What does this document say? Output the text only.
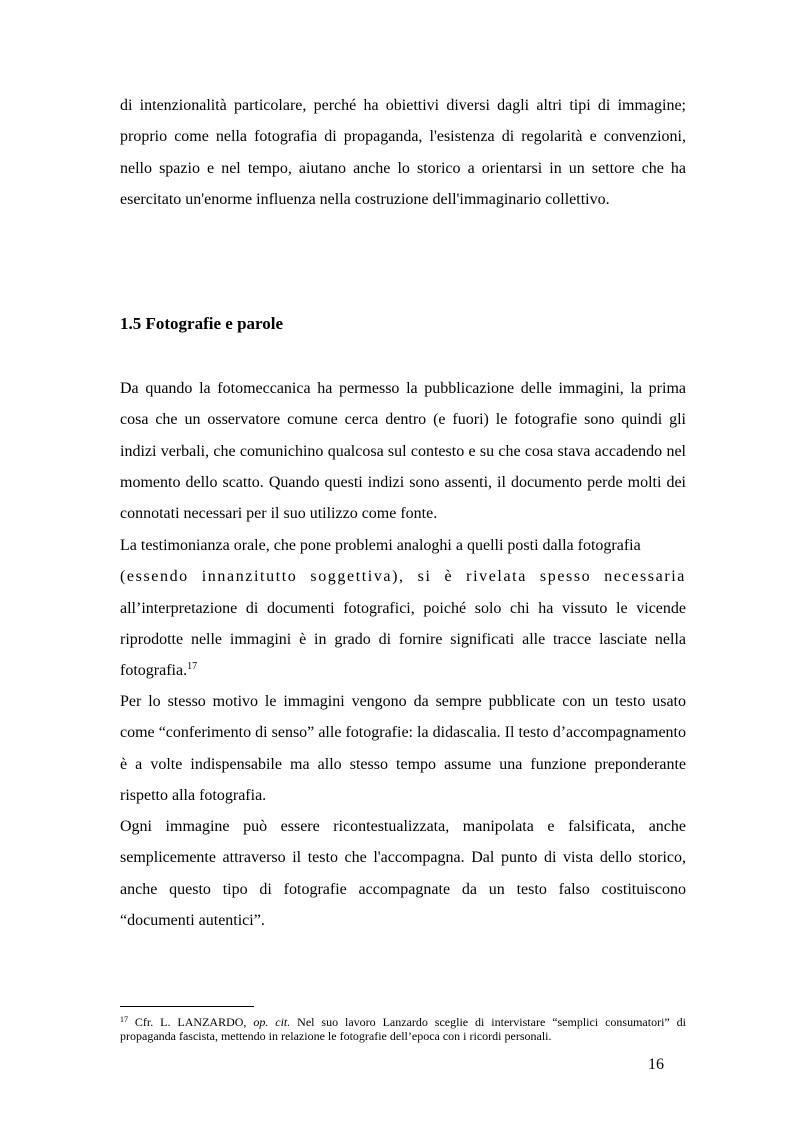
di intenzionalità particolare, perché ha obiettivi diversi dagli altri tipi di immagine; proprio come nella fotografia di propaganda, l'esistenza di regolarità e convenzioni, nello spazio e nel tempo, aiutano anche lo storico a orientarsi in un settore che ha esercitato un'enorme influenza nella costruzione dell'immaginario collettivo.

1.5 Fotografie e parole

Da quando la fotomeccanica ha permesso la pubblicazione delle immagini, la prima cosa che un osservatore comune cerca dentro (e fuori) le fotografie sono quindi gli indizi verbali, che comunichino qualcosa sul contesto e su che cosa stava accadendo nel momento dello scatto. Quando questi indizi sono assenti, il documento perde molti dei connotati necessari per il suo utilizzo come fonte.

La testimonianza orale, che pone problemi analoghi a quelli posti dalla fotografia
(essendo innanzitutto soggettiva), si è rivelata spesso necessaria all’interpretazione di documenti fotografici, poiché solo chi ha vissuto le vicende riprodotte nelle immagini è in grado di fornire significati alle tracce lasciate nella fotografia.$^{17}$

Per lo stesso motivo le immagini vengono da sempre pubblicate con un testo usato come “conferimento di senso” alle fotografie: la didascalia. Il testo d’accompagnamento è a volte indispensabile ma allo stesso tempo assume una funzione preponderante rispetto alla fotografia.

Ogni immagine può essere ricontestualizzata, manipolata e falsificata, anche semplicemente attraverso il testo che l'accompagna. Dal punto di vista dello storico, anche questo tipo di fotografie accompagnate da un testo falso costituiscono “documenti autentici”.

$^{17}$ Cfr. L. LANZARDO, op. cit. Nel suo lavoro Lanzardo sceglie di intervistare “semplici consumatori” di propaganda fascista, mettendo in relazione le fotografie dell’epoca con i ricordi personali.

16
